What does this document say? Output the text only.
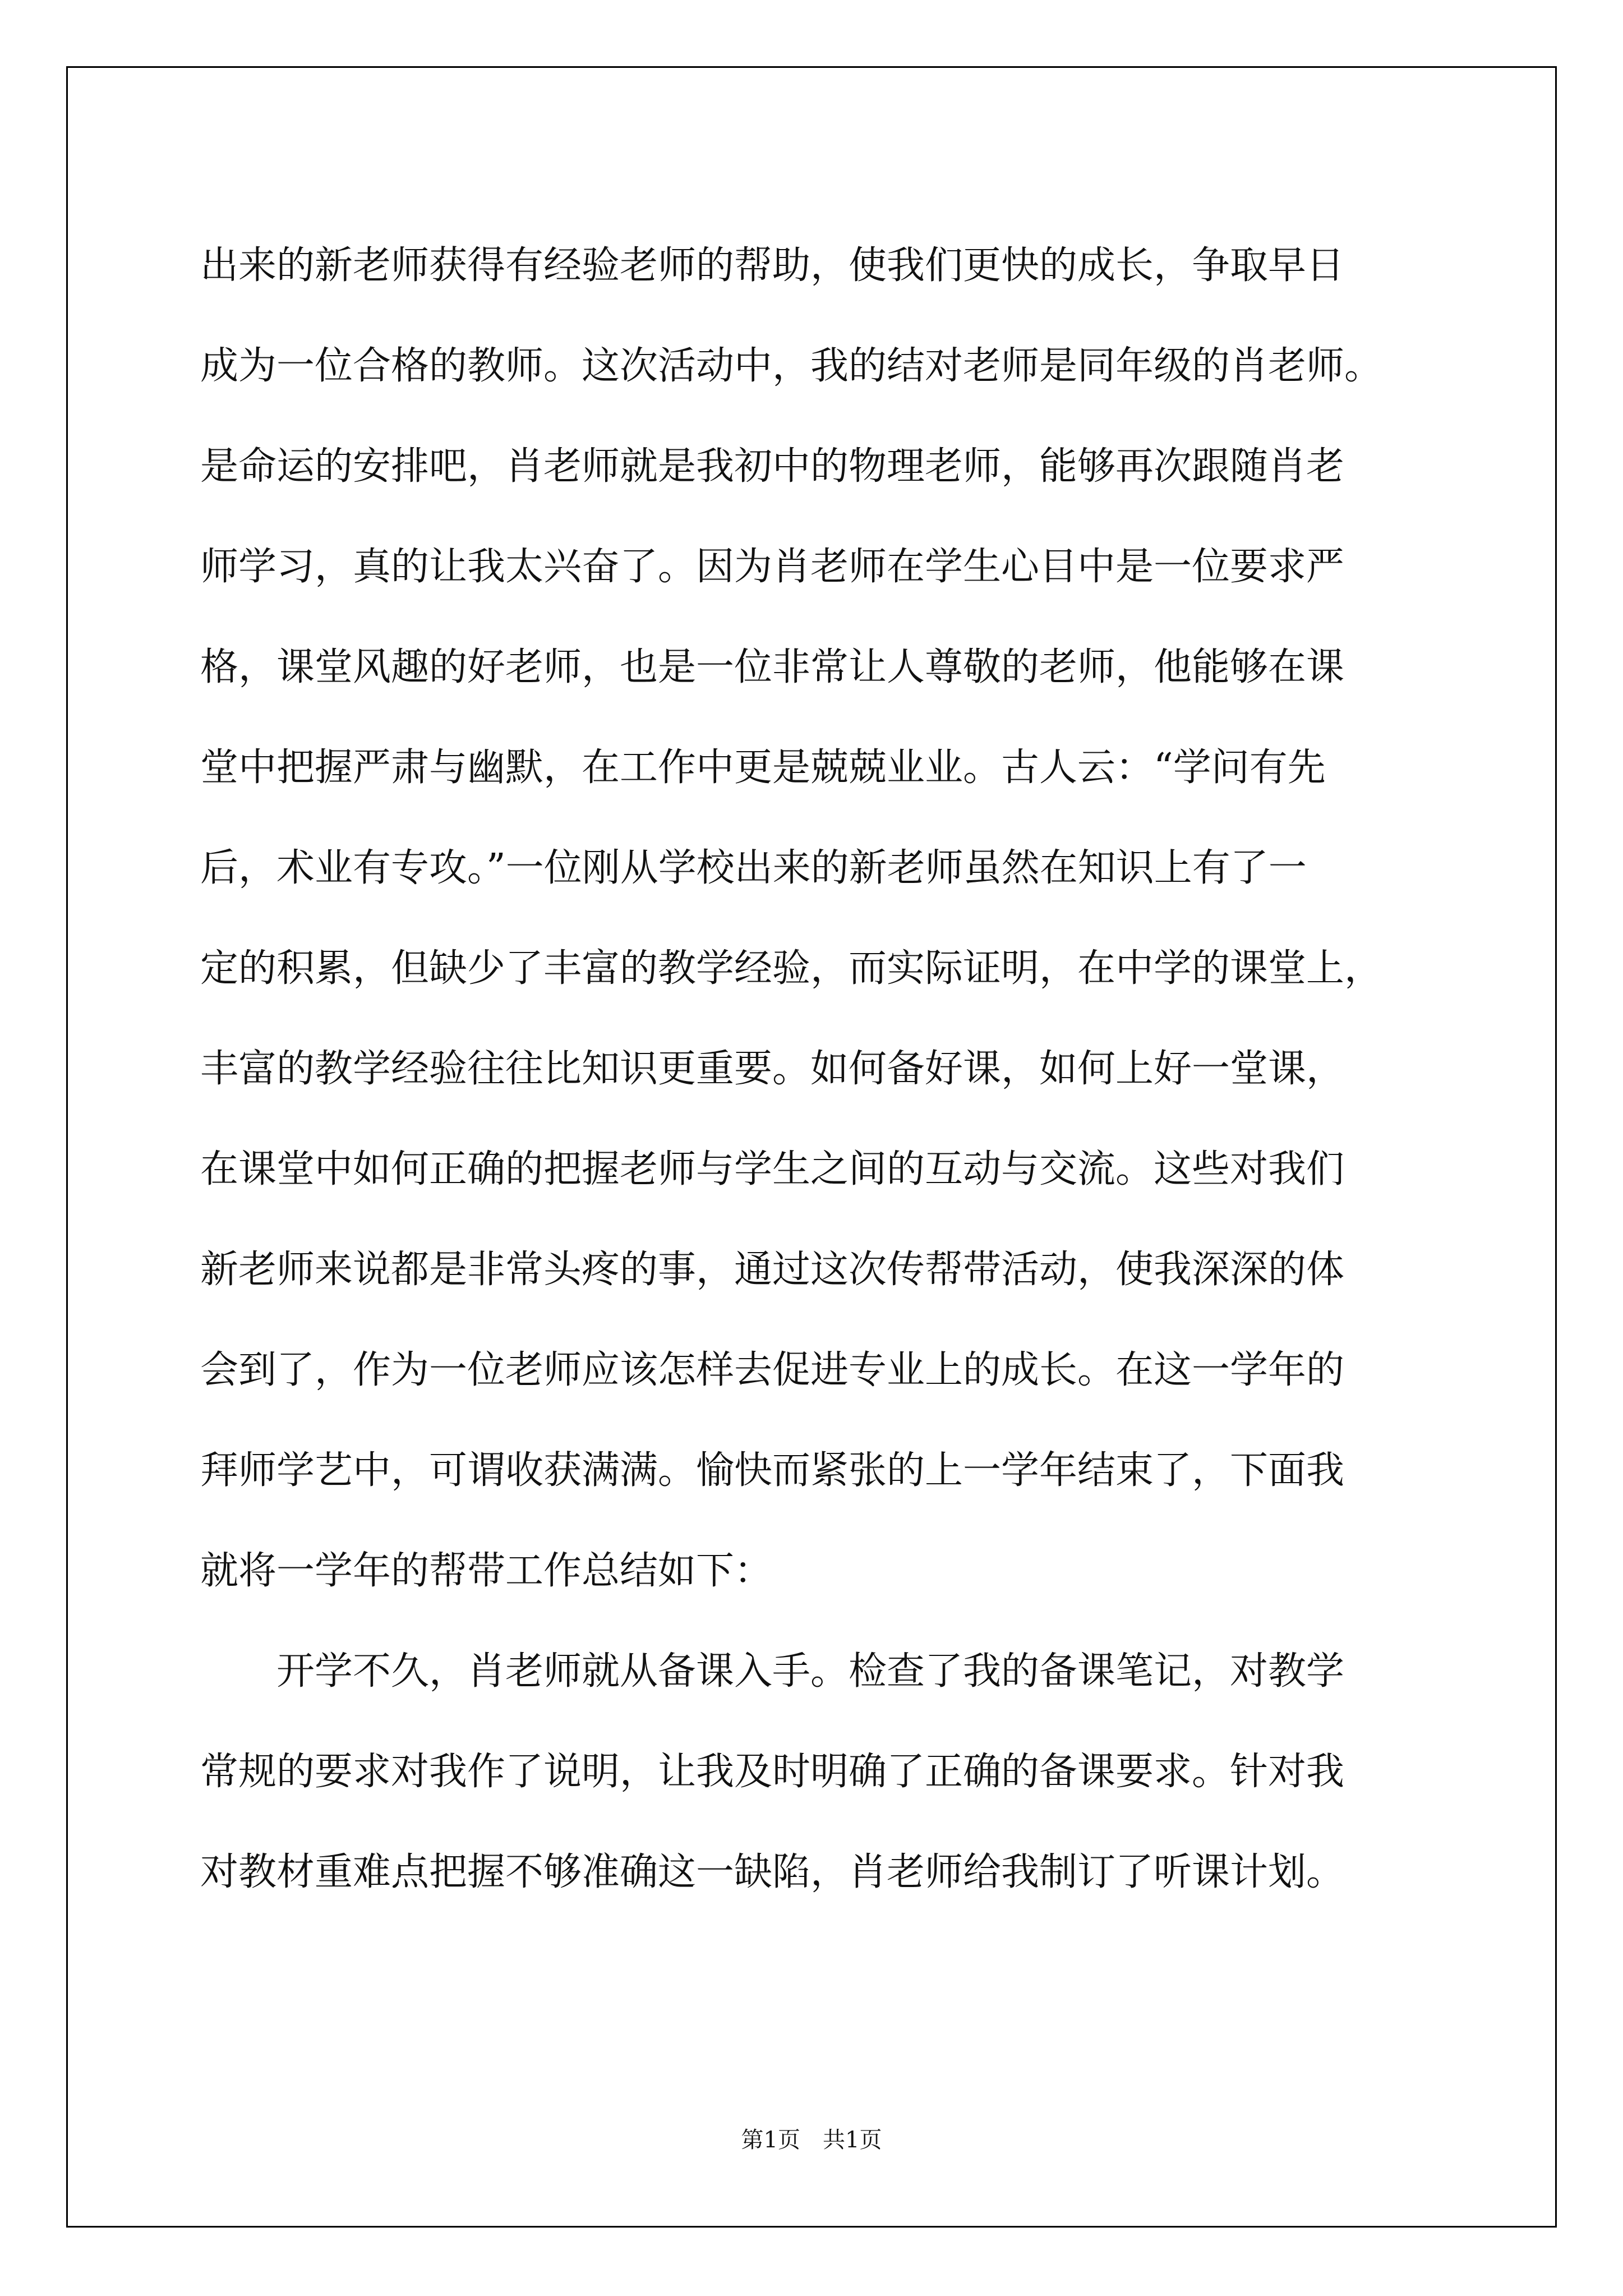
出来的新老师获得有经验老师的帮助，使我们更快的成长，争取早日
成为一位合格的教师。这次活动中，我的结对老师是同年级的肖老师。
是命运的安排吧，肖老师就是我初中的物理老师，能够再次跟随肖老
师学习，真的让我太兴奋了。因为肖老师在学生心目中是一位要求严
格，课堂风趣的好老师，也是一位非常让人尊敬的老师，他能够在课
堂中把握严肃与幽默，在工作中更是兢兢业业。古人云：“学问有先
后，术业有专攻。”一位刚从学校出来的新老师虽然在知识上有了一
定的积累，但缺少了丰富的教学经验，而实际证明，在中学的课堂上，
丰富的教学经验往往比知识更重要。如何备好课，如何上好一堂课，
在课堂中如何正确的把握老师与学生之间的互动与交流。这些对我们
新老师来说都是非常头疼的事，通过这次传帮带活动，使我深深的体
会到了，作为一位老师应该怎样去促进专业上的成长。在这一学年的
拜师学艺中，可谓收获满满。愉快而紧张的上一学年结束了，下面我
就将一学年的帮带工作总结如下：
开学不久，肖老师就从备课入手。检查了我的备课笔记，对教学
常规的要求对我作了说明，让我及时明确了正确的备课要求。针对我
对教材重难点把握不够准确这一缺陷，肖老师给我制订了听课计划。
第1页 共1页
